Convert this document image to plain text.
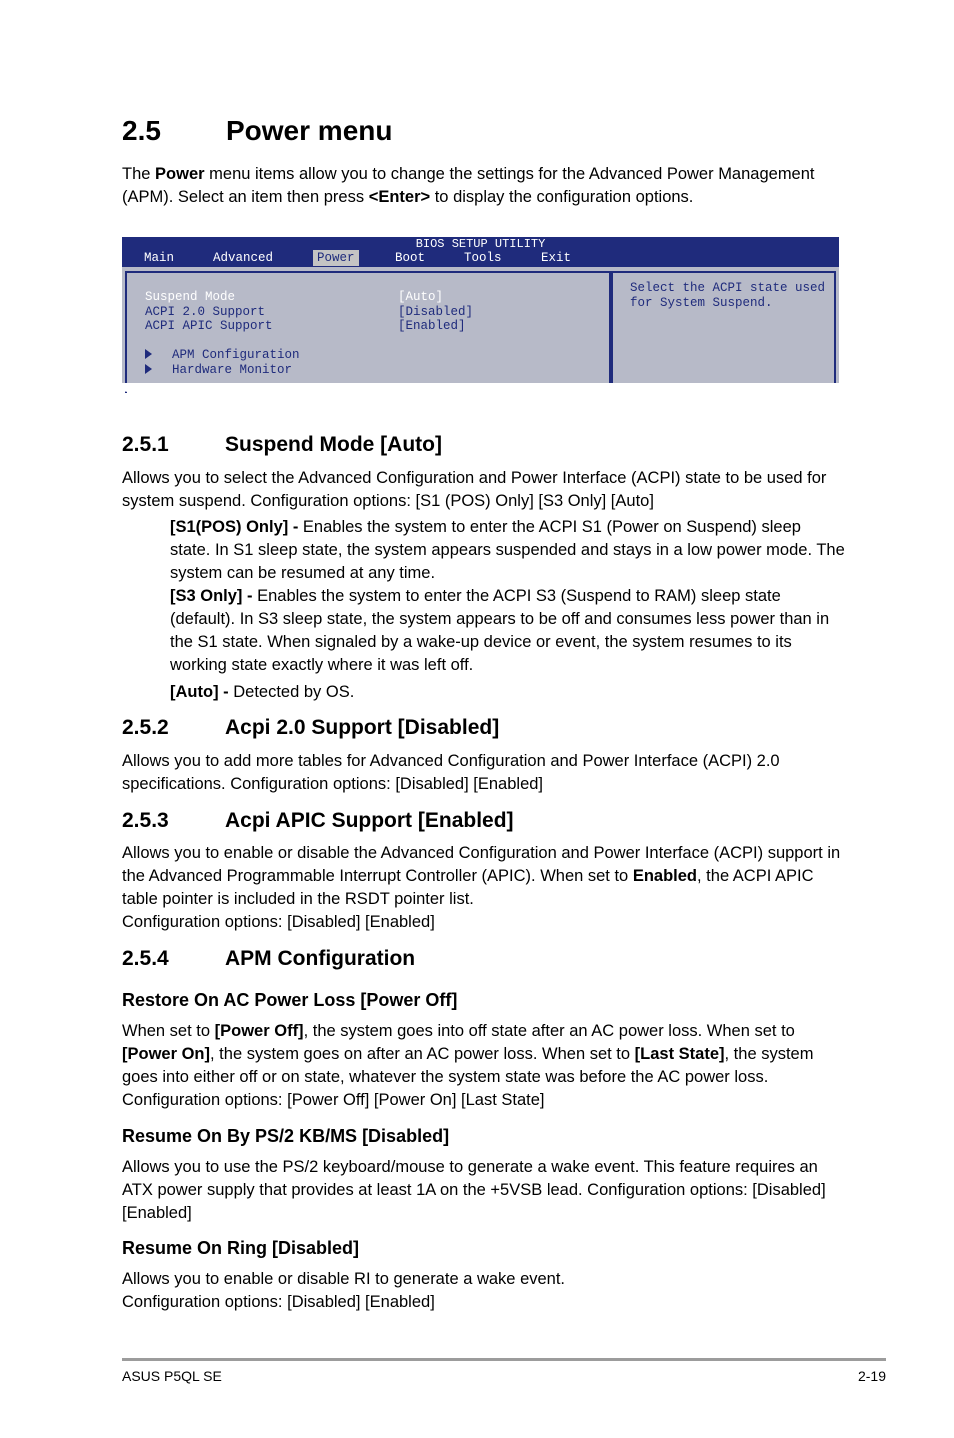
2.5 Power menu

The Power menu items allow you to change the settings for the Advanced Power Management (APM). Select an item then press <Enter> to display the configuration options.

BIOS SETUP UTILITY
Main	Advanced	Power	Boot	Tools	Exit
Suspend Mode	[Auto]
ACPI 2.0 Support	[Disabled]
ACPI APIC Support	[Enabled]
APM Configuration
Hardware Monitor
Select the ACPI state used for System Suspend.
2.5.1	Suspend Mode [Auto]

Allows you to select the Advanced Configuration and Power Interface (ACPI) state to be used for system suspend. Configuration options: [S1 (POS) Only] [S3 Only] [Auto]

[S1(POS) Only] - Enables the system to enter the ACPI S1 (Power on Suspend) sleep state. In S1 sleep state, the system appears suspended and stays in a low power mode. The system can be resumed at any time.

[S3 Only] - Enables the system to enter the ACPI S3 (Suspend to RAM) sleep state (default). In S3 sleep state, the system appears to be off and consumes less power than in the S1 state. When signaled by a wake-up device or event, the system resumes to its working state exactly where it was left off.

[Auto] - Detected by OS.

2.5.2	Acpi 2.0 Support [Disabled]

Allows you to add more tables for Advanced Configuration and Power Interface (ACPI) 2.0 specifications. Configuration options: [Disabled] [Enabled]

2.5.3	Acpi APIC Support [Enabled]

Allows you to enable or disable the Advanced Configuration and Power Interface (ACPI) support in the Advanced Programmable Interrupt Controller (APIC). When set to Enabled, the ACPI APIC table pointer is included in the RSDT pointer list.
Configuration options: [Disabled] [Enabled]

2.5.4	APM Configuration
Restore On AC Power Loss [Power Off]

When set to [Power Off], the system goes into off state after an AC power loss. When set to [Power On], the system goes on after an AC power loss. When set to [Last State], the system goes into either off or on state, whatever the system state was before the AC power loss. Configuration options: [Power Off] [Power On] [Last State]

Resume On By PS/2 KB/MS [Disabled]

Allows you to use the PS/2 keyboard/mouse to generate a wake event. This feature requires an ATX power supply that provides at least 1A on the +5VSB lead. Configuration options: [Disabled] [Enabled]

Resume On Ring [Disabled]

Allows you to enable or disable RI to generate a wake event.
Configuration options: [Disabled] [Enabled]

ASUS P5QL SE	2-19
